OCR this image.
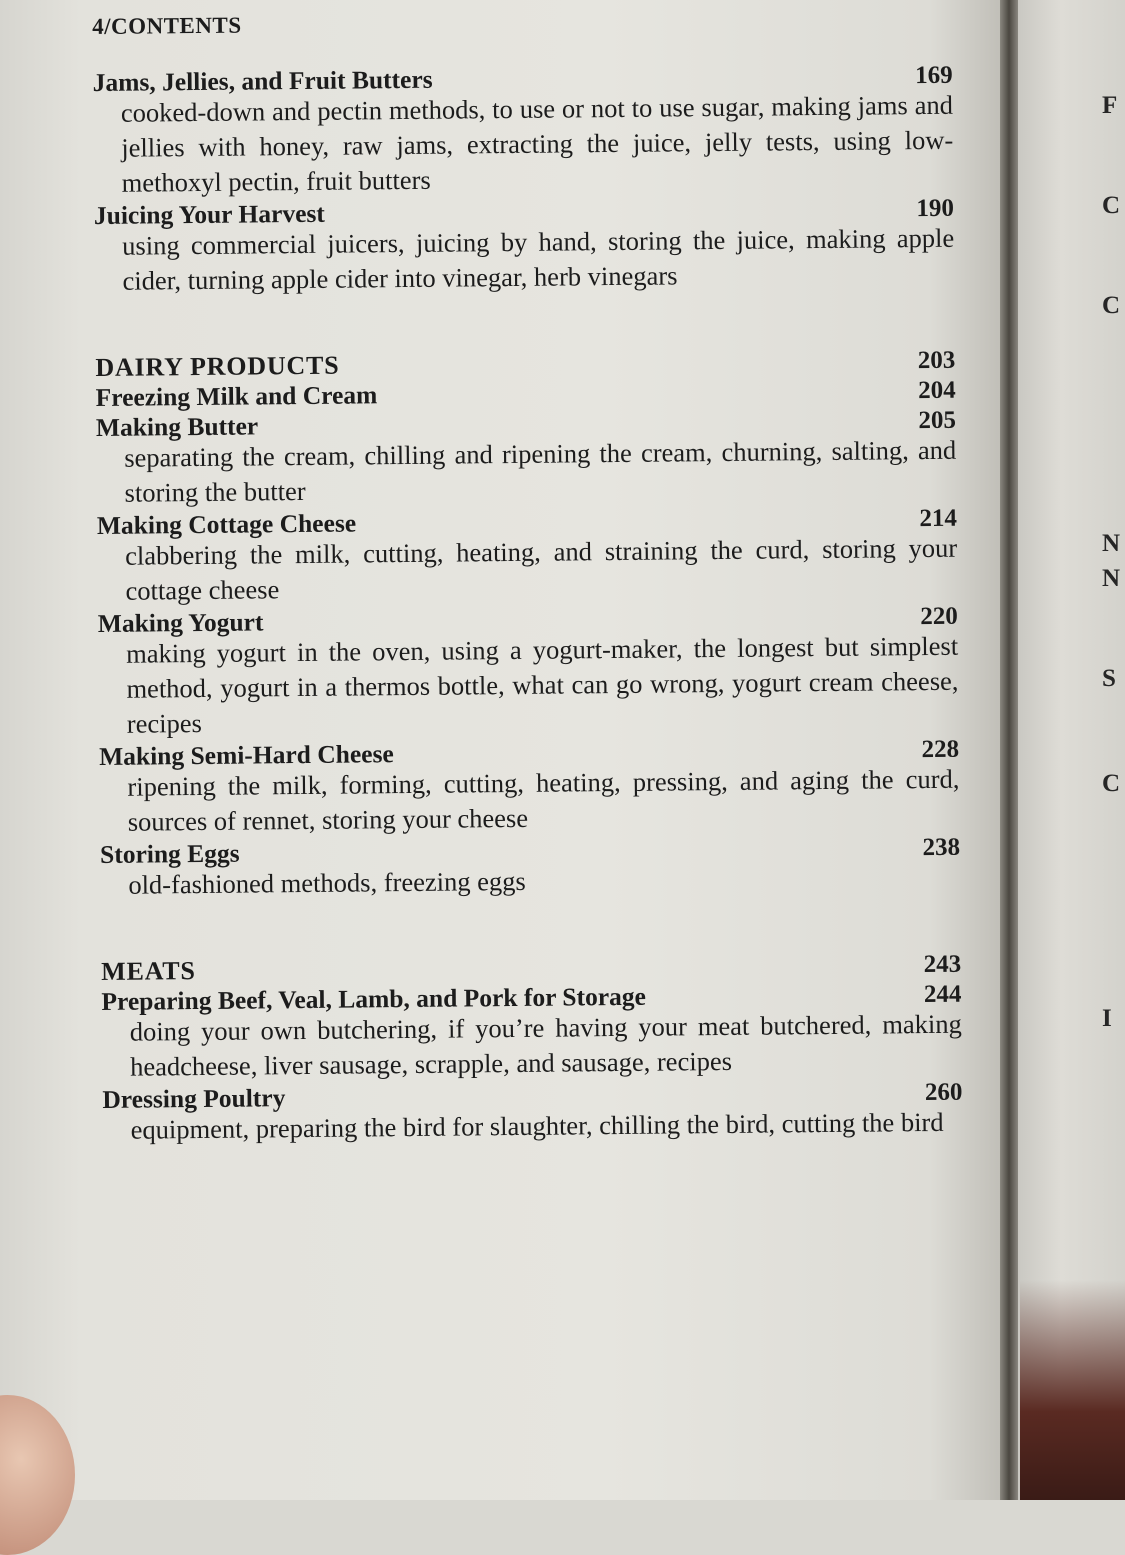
F
C
C
N
N
S
C
I
4/CONTENTS
Jams, Jellies, and Fruit Butters	169
cooked-down and pectin methods, to use or not to use sugar, making jams and jellies with honey, raw jams, extracting the juice, jelly tests, using low-methoxyl pectin, fruit butters
Juicing Your Harvest	190
using commercial juicers, juicing by hand, storing the juice, making apple cider, turning apple cider into vinegar, herb vinegars
DAIRY PRODUCTS	203
Freezing Milk and Cream	204
Making Butter	205
separating the cream, chilling and ripening the cream, churning, salting, and storing the butter
Making Cottage Cheese	214
clabbering the milk, cutting, heating, and straining the curd, storing your cottage cheese
Making Yogurt	220
making yogurt in the oven, using a yogurt-maker, the longest but simplest method, yogurt in a thermos bottle, what can go wrong, yogurt cream cheese, recipes
Making Semi-Hard Cheese	228
ripening the milk, forming, cutting, heating, pressing, and aging the curd, sources of rennet, storing your cheese
Storing Eggs	238
old-fashioned methods, freezing eggs
MEATS	243
Preparing Beef, Veal, Lamb, and Pork for Storage	244
doing your own butchering, if you’re having your meat butchered, making headcheese, liver sausage, scrapple, and sausage, recipes
Dressing Poultry	260
equipment, preparing the bird for slaughter, chilling the bird, cutting the bird
